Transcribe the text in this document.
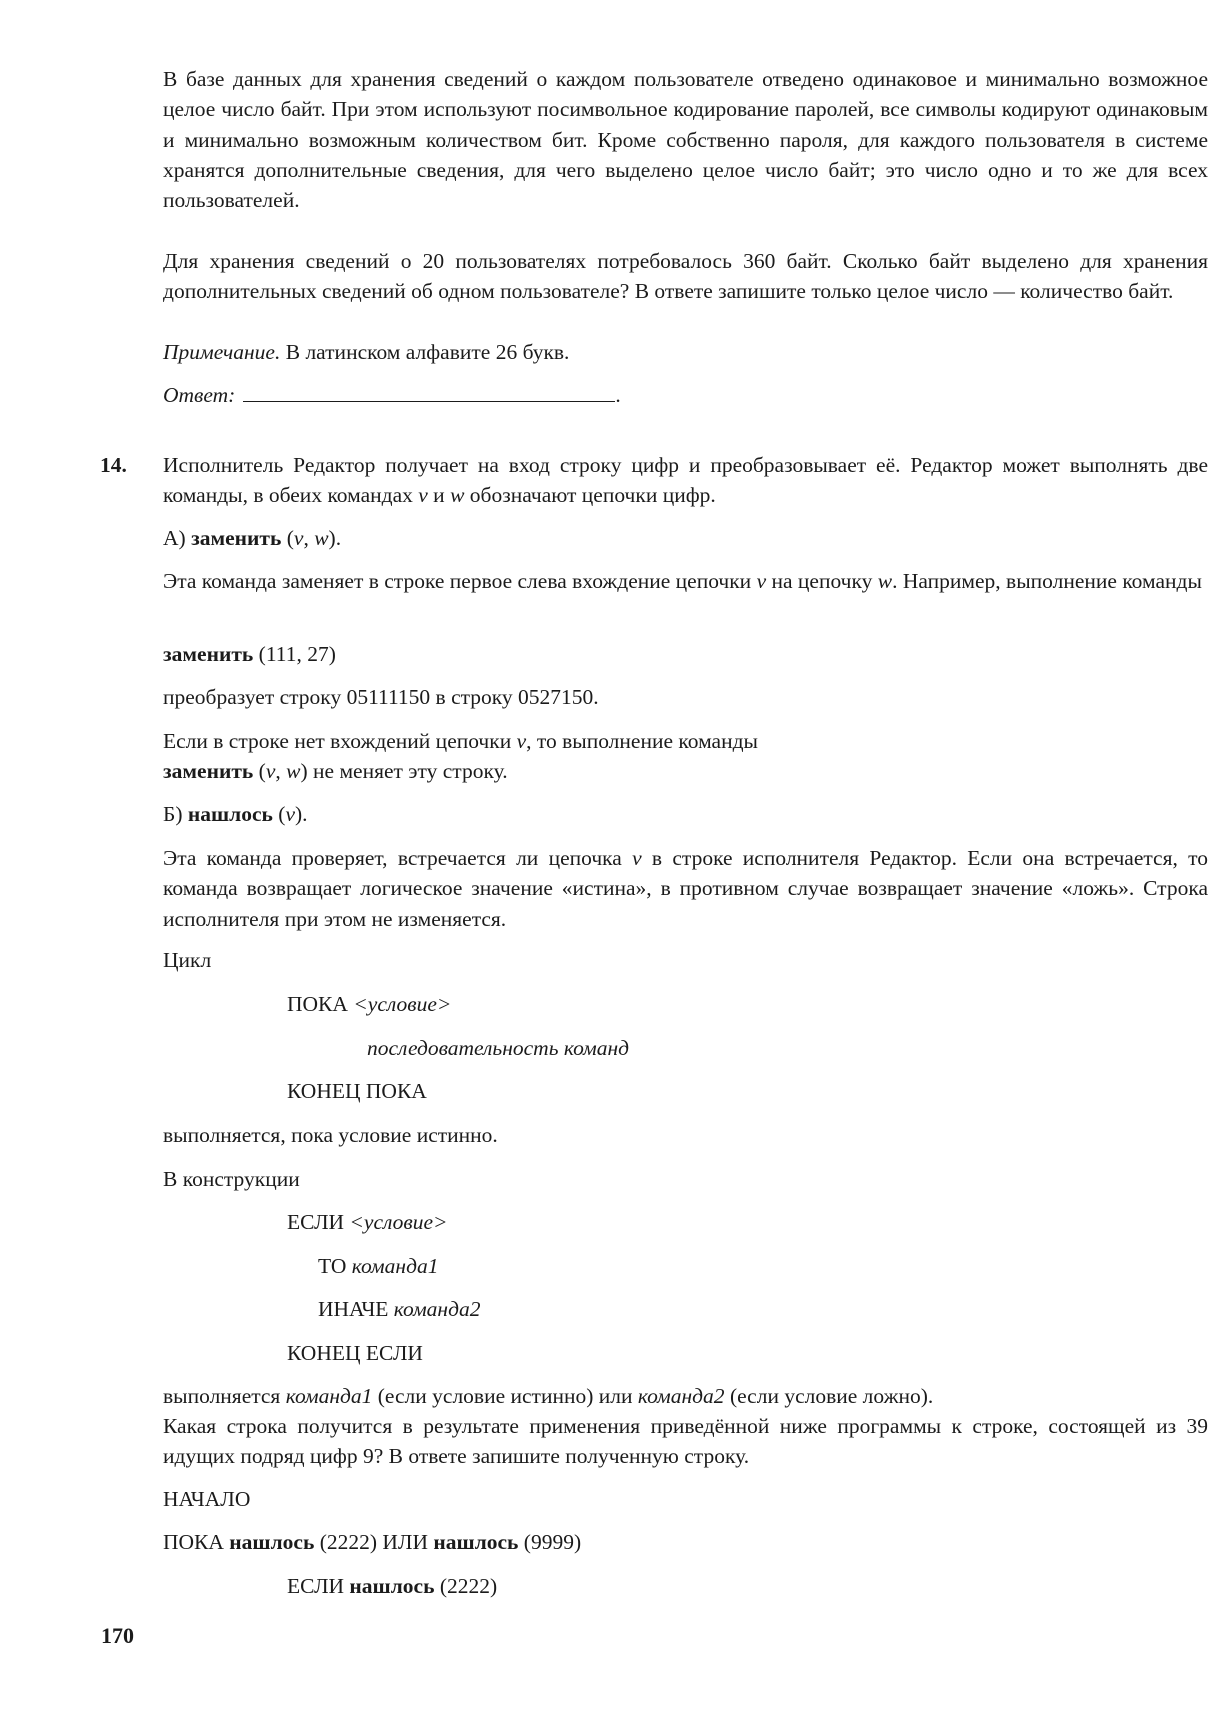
В базе данных для хранения сведений о каждом пользователе отведено одинаковое и минимально возможное целое число байт. При этом используют посимвольное кодирование паролей, все символы кодируют одинаковым и минимально возможным количеством бит. Кроме собственно пароля, для каждого пользователя в системе хранятся дополнительные сведения, для чего выделено целое число байт; это число одно и то же для всех пользователей.

Для хранения сведений о 20 пользователях потребовалось 360 байт. Сколько байт выделено для хранения дополнительных сведений об одном пользователе? В ответе запишите только целое число — количество байт.

Примечание. В латинском алфавите 26 букв.

Ответ:	.

14. Исполнитель Редактор получает на вход строку цифр и преобразовывает её. Редактор может выполнять две команды, в обеих командах v и w обозначают цепочки цифр.

А) заменить (v, w).

Эта команда заменяет в строке первое слева вхождение цепочки v на цепочку w. Например, выполнение команды

заменить (111, 27)

преобразует строку 05111150 в строку 0527150.

Если в строке нет вхождений цепочки v, то выполнение команды

заменить (v, w) не меняет эту строку.

Б) нашлось (v).

Эта команда проверяет, встречается ли цепочка v в строке исполнителя Редактор. Если она встречается, то команда возвращает логическое значение «истина», в противном случае возвращает значение «ложь». Строка исполнителя при этом не изменяется.

Цикл

ПОКА <условие>

последовательность команд

КОНЕЦ ПОКА

выполняется, пока условие истинно.

В конструкции

ЕСЛИ <условие>

ТО команда1

ИНАЧЕ команда2

КОНЕЦ ЕСЛИ

выполняется команда1 (если условие истинно) или команда2 (если условие ложно).

Какая строка получится в результате применения приведённой ниже программы к строке, состоящей из 39 идущих подряд цифр 9? В ответе запишите полученную строку.

НАЧАЛО

ПОКА нашлось (2222) ИЛИ нашлось (9999)

ЕСЛИ нашлось (2222)

170
